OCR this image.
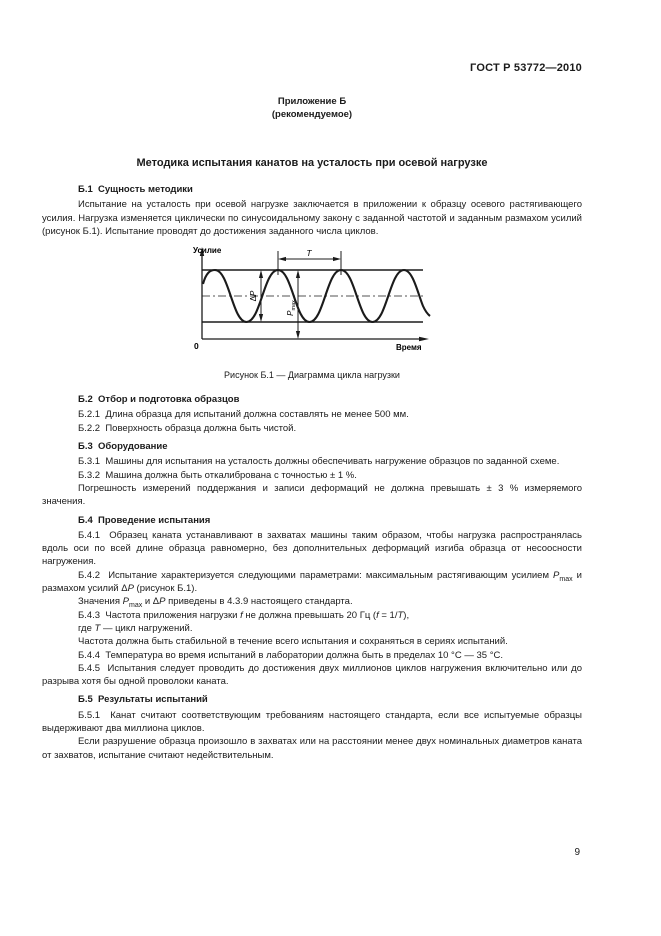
ГОСТ Р 53772—2010
Приложение Б
(рекомендуемое)
Методика испытания канатов на усталость при осевой нагрузке
Б.1  Сущность методики

Испытание на усталость при осевой нагрузке заключается в приложении к образцу осевого растягивающего усилия. Нагрузка изменяется циклически по синусоидальному закону с заданной частотой и заданным размахом усилий (рисунок Б.1). Испытание проводят до достижения заданного числа циклов.

Усилие
Время
0
T
ΔP
$P_{max}$
Рисунок Б.1 — Диаграмма цикла нагрузки
Б.2  Отбор и подготовка образцов

Б.2.1  Длина образца для испытаний должна составлять не менее 500 мм.

Б.2.2  Поверхность образца должна быть чистой.

Б.3  Оборудование

Б.3.1  Машины для испытания на усталость должны обеспечивать нагружение образцов по заданной схеме.

Б.3.2  Машина должна быть откалибрована с точностью ± 1 %.

Погрешность измерений поддержания и записи деформаций не должна превышать ± 3 % измеряемого значения.

Б.4  Проведение испытания

Б.4.1  Образец каната устанавливают в захватах машины таким образом, чтобы нагрузка распространялась вдоль оси по всей длине образца равномерно, без дополнительных деформаций изгиба образца от несоосности нагружения.

Б.4.2  Испытание характеризуется следующими параметрами: максимальным растягивающим усилием $P_{max}$ и размахом усилий ΔP (рисунок Б.1).

Значения $P_{max}$ и ΔP приведены в 4.3.9 настоящего стандарта.

Б.4.3  Частота приложения нагрузки f не должна превышать 20 Гц (f = 1/T),

где T — цикл нагружений.

Частота должна быть стабильной в течение всего испытания и сохраняться в сериях испытаний.

Б.4.4  Температура во время испытаний в лаборатории должна быть в пределах 10 °С — 35 °С.

Б.4.5  Испытания следует проводить до достижения двух миллионов циклов нагружения включительно или до разрыва хотя бы одной проволоки каната.

Б.5  Результаты испытаний

Б.5.1  Канат считают соответствующим требованиям настоящего стандарта, если все испытуемые образцы выдерживают два миллиона циклов.

Если разрушение образца произошло в захватах или на расстоянии менее двух номинальных диаметров каната от захватов, испытание считают недействительным.

9
